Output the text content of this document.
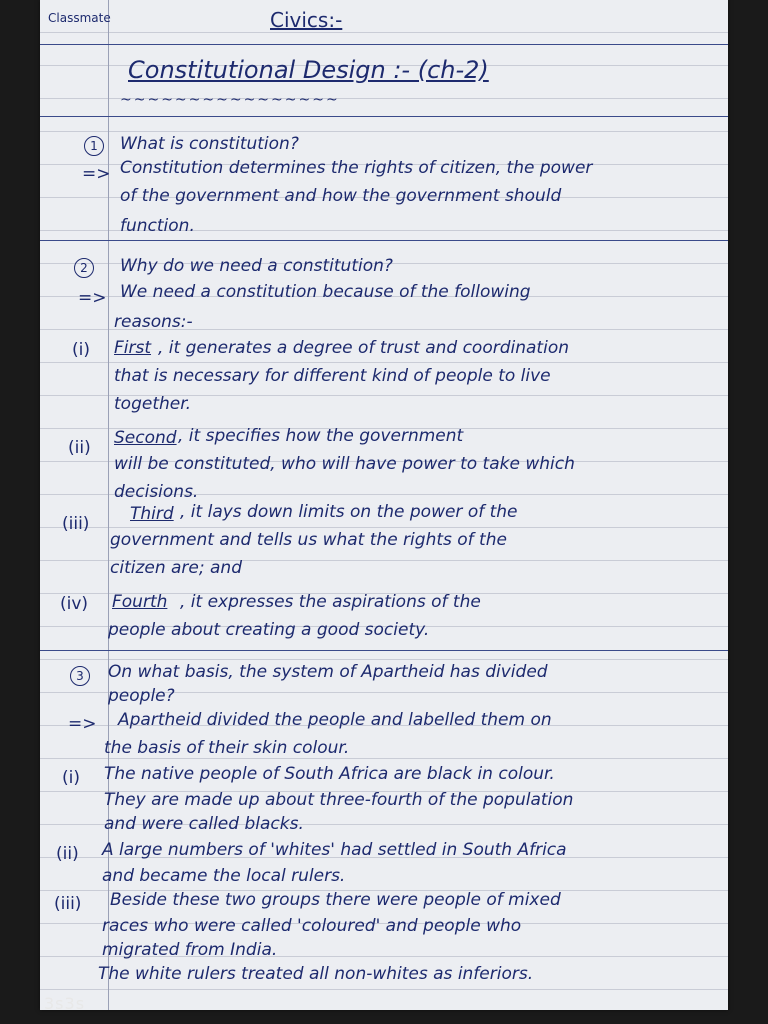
Classmate	Civics:-
Constitutional Design :- (ch-2)
~~~~~~~~~~~~~~~~
1	What is constitution?
=> Constitution determines the rights of citizen, the power
of the government and how the government should
function.
2	Why do we need a constitution?
=> We need a constitution because of the following
reasons:-
(i) First , it generates a degree of trust and coordination
that is necessary for different kind of people to live
together.
(ii) Second , it specifies how the government
will be constituted, who will have power to take which
decisions.
(iii) Third , it lays down limits on the power of the
government and tells us what the rights of the
citizen are; and
(iv) Fourth , it expresses the aspirations of the
people about creating a good society.
3	On what basis, the system of Apartheid has divided
people?
=> Apartheid divided the people and labelled them on
the basis of their skin colour.
(i) The native people of South Africa are black in colour.
They are made up about three-fourth of the population
and were called blacks.
(ii) A large numbers of 'whites' had settled in South Africa
and became the local rulers.
(iii) Beside these two groups there were people of mixed
races who were called 'coloured' and people who
migrated from India.
The white rulers treated all non-whites as inferiors.
3s3s
